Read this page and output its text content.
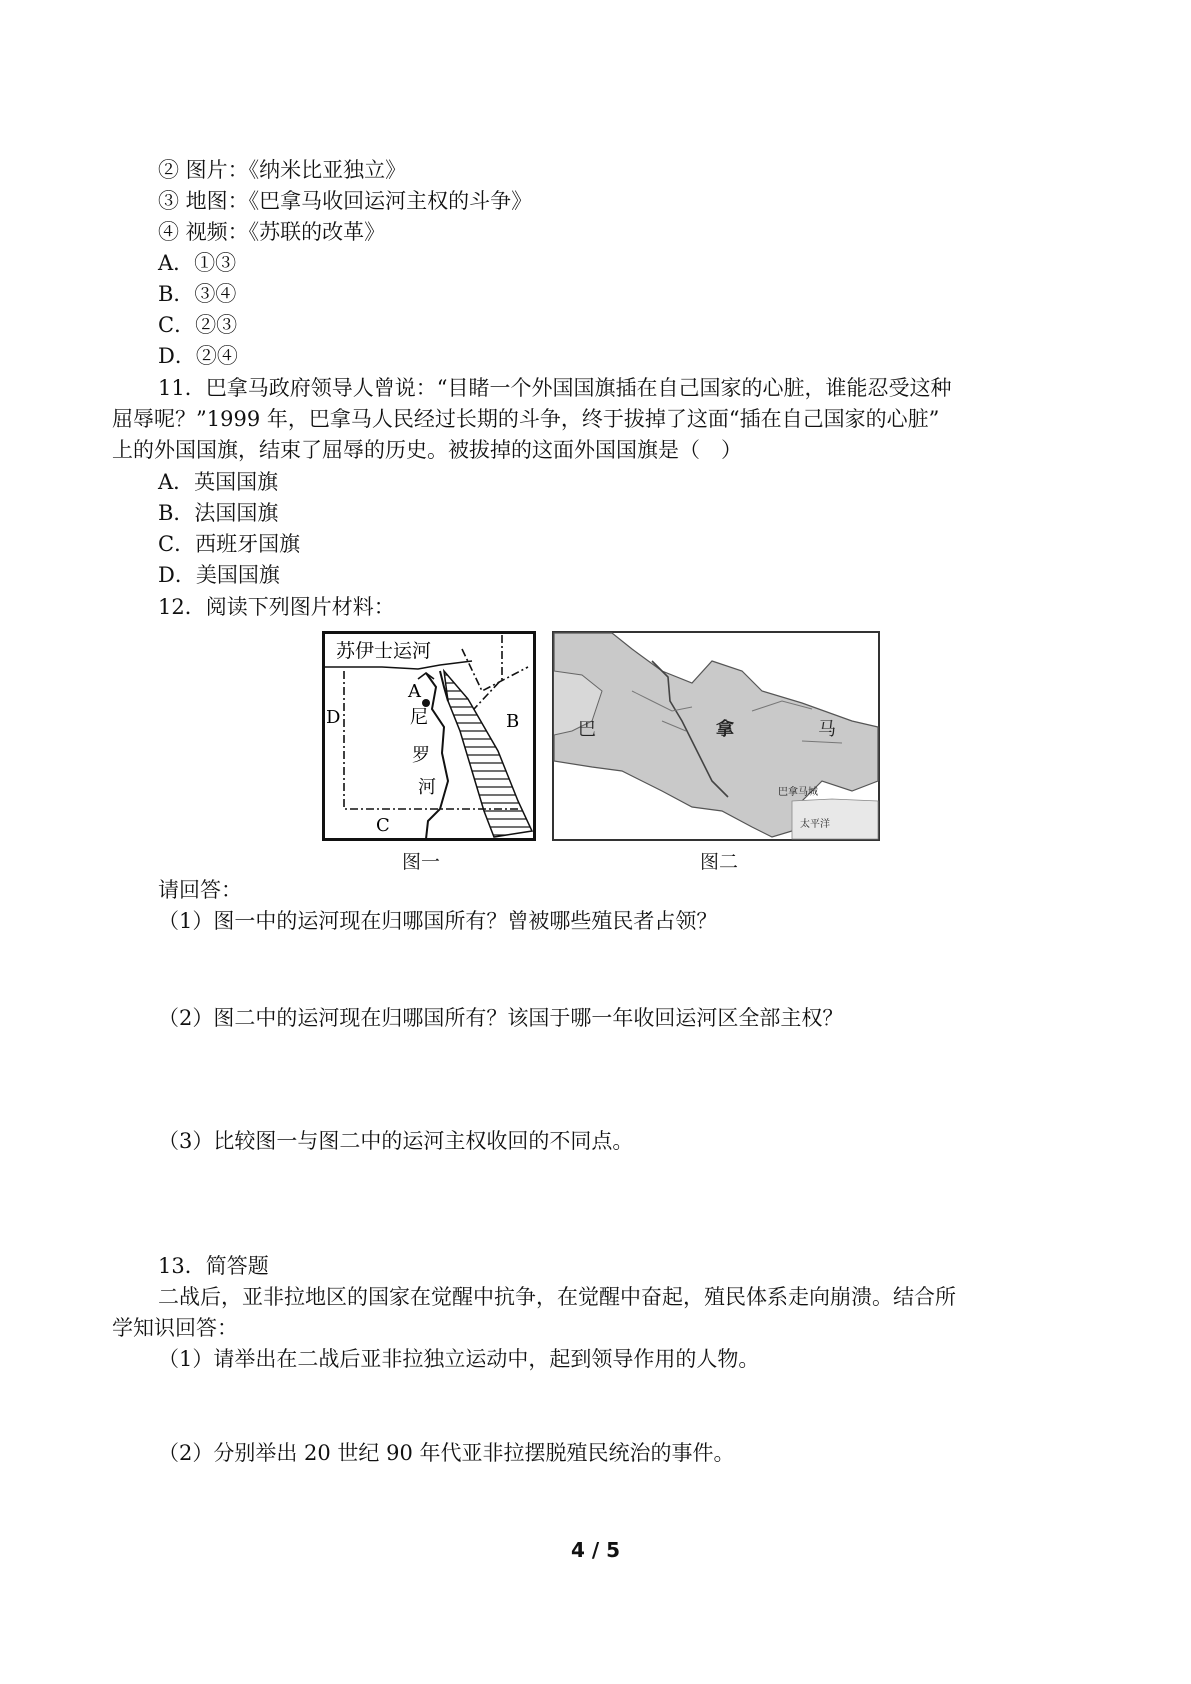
② 图片：《纳米比亚独立》
③ 地图：《巴拿马收回运河主权的斗争》
④ 视频：《苏联的改革》
A．①③
B．③④
C．②③
D．②④
11．巴拿马政府领导人曾说：“目睹一个外国国旗插在自己国家的心脏，谁能忍受这种
屈辱呢？”1999 年，巴拿马人民经过长期的斗争，终于拔掉了这面“插在自己国家的心脏”
上的外国国旗，结束了屈辱的历史。被拔掉的这面外国国旗是（　）
A．英国国旗
B．法国国旗
C．西班牙国旗
D．美国国旗
12．阅读下列图片材料：
苏伊士运河
A
尼
罗
河
B
C
D
图一
巴	拿	马
巴拿马城
太平洋
图二
请回答：
（1）图一中的运河现在归哪国所有？曾被哪些殖民者占领？
（2）图二中的运河现在归哪国所有？该国于哪一年收回运河区全部主权？
（3）比较图一与图二中的运河主权收回的不同点。
13．简答题
二战后，亚非拉地区的国家在觉醒中抗争，在觉醒中奋起，殖民体系走向崩溃。结合所
学知识回答：
（1）请举出在二战后亚非拉独立运动中，起到领导作用的人物。
（2）分别举出 20 世纪 90 年代亚非拉摆脱殖民统治的事件。
4 / 5
